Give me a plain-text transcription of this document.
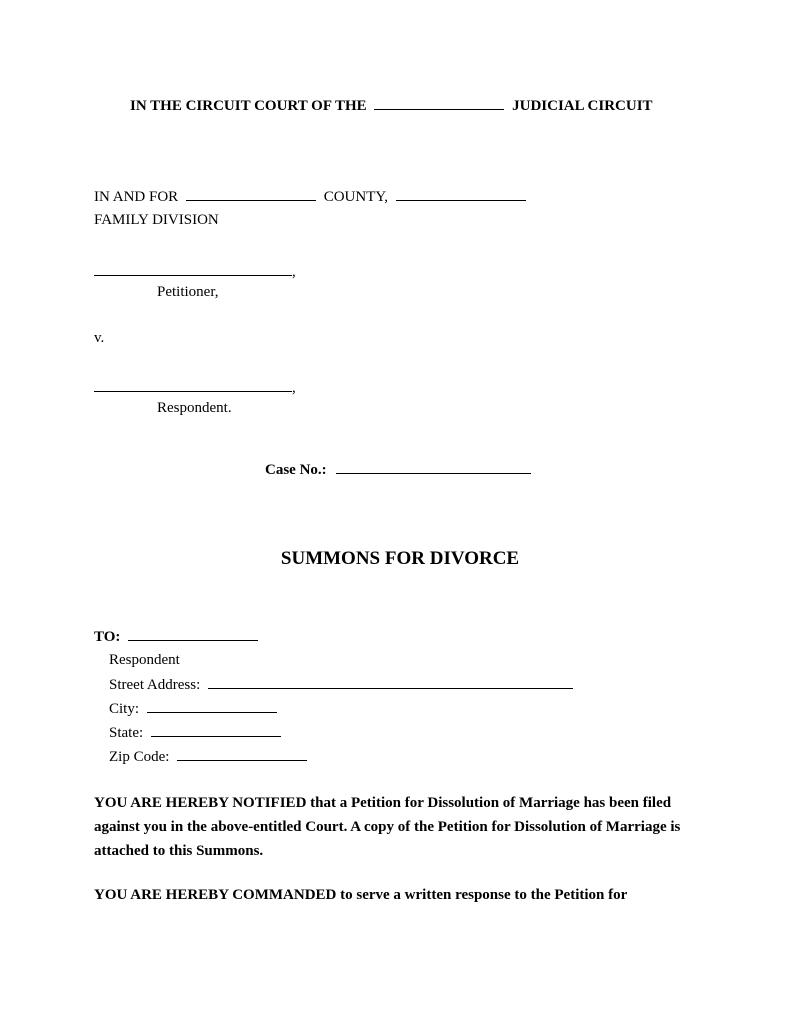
IN THE CIRCUIT COURT OF THE	JUDICIAL CIRCUIT
IN AND FOR	COUNTY,
FAMILY DIVISION
,
Petitioner,
v.
,
Respondent.
Case No.:
SUMMONS FOR DIVORCE
TO:
Respondent
Street Address:
City:
State:
Zip Code:
YOU ARE HEREBY NOTIFIED that a Petition for Dissolution of Marriage has been filed against you in the above-entitled Court. A copy of the Petition for Dissolution of Marriage is attached to this Summons.
YOU ARE HEREBY COMMANDED to serve a written response to the Petition for
